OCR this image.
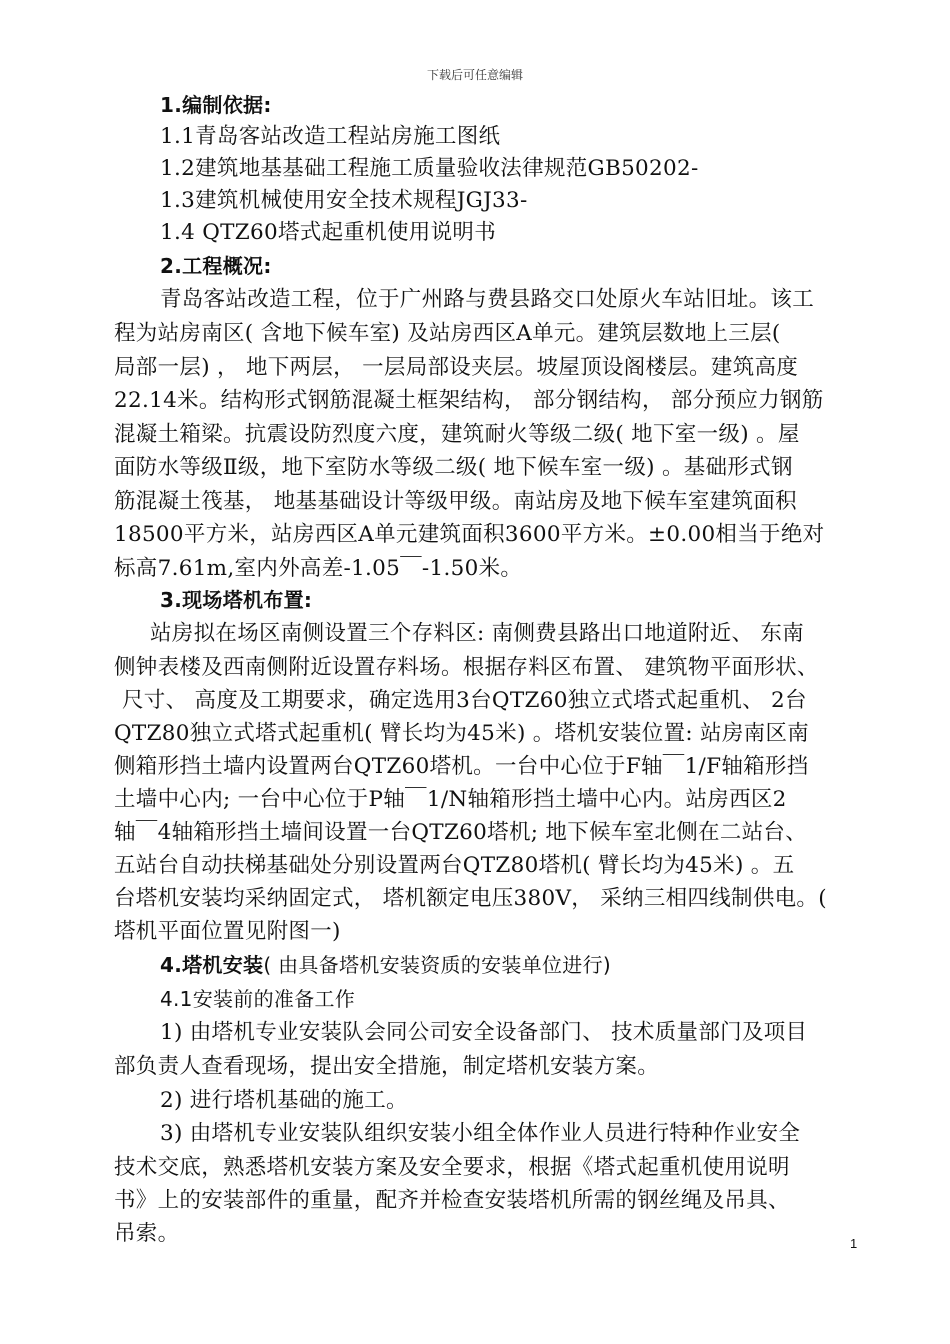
下载后可任意编辑
1.编制依据:
1.1青岛客站改造工程站房施工图纸
1.2建筑地基基础工程施工质量验收法律规范GB50202-
1.3建筑机械使用安全技术规程JGJ33-
1.4 QTZ60塔式起重机使用说明书
2.工程概况:
青岛客站改造工程，位于广州路与费县路交口处原火车站旧址。该工
程为站房南区( 含地下候车室) 及站房西区A单元。建筑层数地上三层(
局部一层) ， 地下两层， 一层局部设夹层。坡屋顶设阁楼层。建筑高度
22.14米。结构形式钢筋混凝土框架结构， 部分钢结构， 部分预应力钢筋
混凝土箱梁。抗震设防烈度六度，建筑耐火等级二级( 地下室一级) 。屋
面防水等级Ⅱ级，地下室防水等级二级( 地下候车室一级) 。基础形式钢
筋混凝土筏基， 地基基础设计等级甲级。南站房及地下候车室建筑面积
18500平方米，站房西区A单元建筑面积3600平方米。±0.00相当于绝对
标高7.61m,室内外高差-1.05￣-1.50米。
3.现场塔机布置:
站房拟在场区南侧设置三个存料区: 南侧费县路出口地道附近、 东南
侧钟表楼及西南侧附近设置存料场。根据存料区布置、 建筑物平面形状、
尺寸、 高度及工期要求，确定选用3台QTZ60独立式塔式起重机、 2台
QTZ80独立式塔式起重机( 臂长均为45米) 。塔机安装位置: 站房南区南
侧箱形挡土墙内设置两台QTZ60塔机。一台中心位于F轴￣1/F轴箱形挡
土墙中心内; 一台中心位于P轴￣1/N轴箱形挡土墙中心内。站房西区2
轴￣4轴箱形挡土墙间设置一台QTZ60塔机; 地下候车室北侧在二站台、
五站台自动扶梯基础处分别设置两台QTZ80塔机( 臂长均为45米) 。五
台塔机安装均采纳固定式， 塔机额定电压380V， 采纳三相四线制供电。(
塔机平面位置见附图一)
4.塔机安装( 由具备塔机安装资质的安装单位进行)
4.1安装前的准备工作
1) 由塔机专业安装队会同公司安全设备部门、 技术质量部门及项目
部负责人查看现场，提出安全措施，制定塔机安装方案。
2) 进行塔机基础的施工。
3) 由塔机专业安装队组织安装小组全体作业人员进行特种作业安全
技术交底，熟悉塔机安装方案及安全要求，根据《塔式起重机使用说明
书》上的安装部件的重量，配齐并检查安装塔机所需的钢丝绳及吊具、
吊索。	1
